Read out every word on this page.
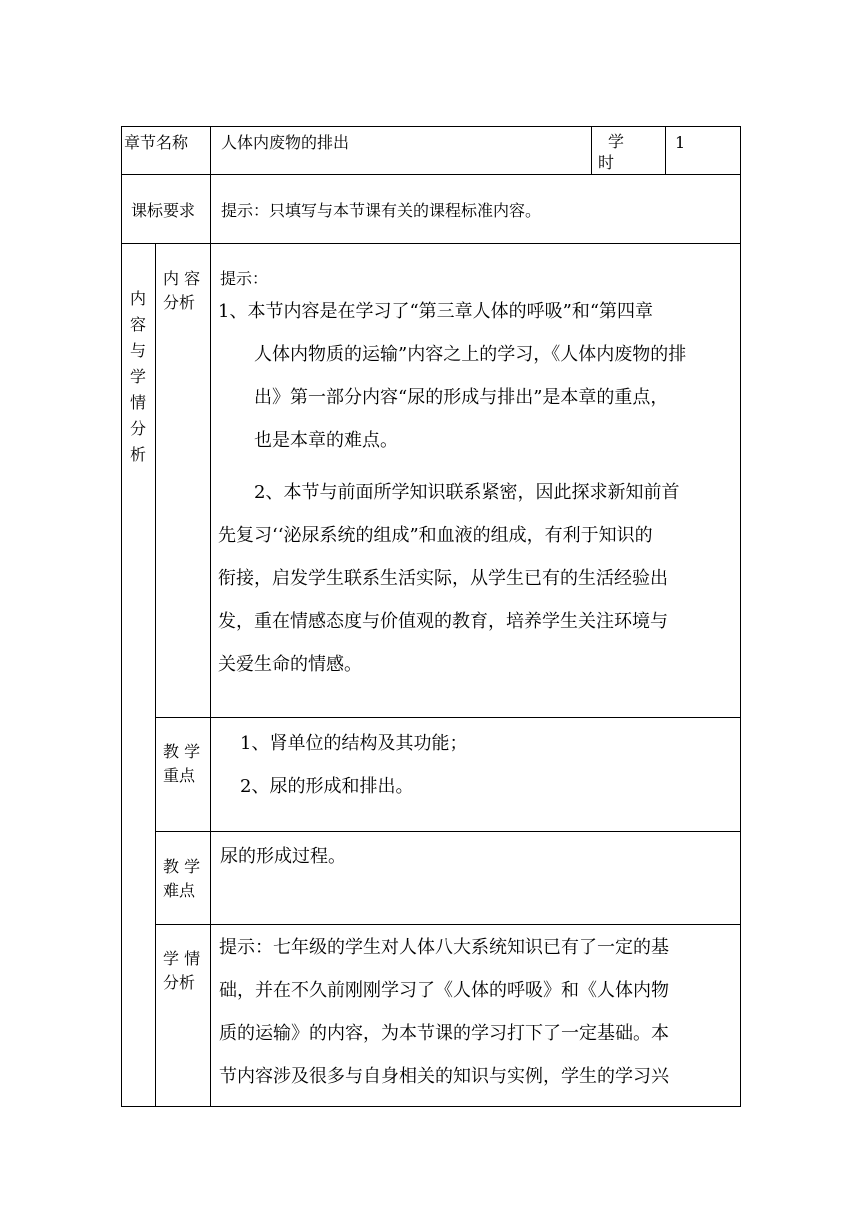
章节名称 人体内废物的排出	学
时
1
课标要求 提示：只填写与本节课有关的课程标准内容。
内
容
与
学
情
分
析
内 容
分析
提示：
1、本节内容是在学习了“第三章人体的呼吸”和“第四章
人体内物质的运输”内容之上的学习，《人体内废物的排
出》第一部分内容“尿的形成与排出”是本章的重点，
也是本章的难点。
2、本节与前面所学知识联系紧密，因此探求新知前首
先复习‘‘泌尿系统的组成”和血液的组成，有利于知识的
衔接，启发学生联系生活实际，从学生已有的生活经验出
发，重在情感态度与价值观的教育，培养学生关注环境与
关爱生命的情感。
教 学
重点
1、肾单位的结构及其功能；
2、尿的形成和排出。
教 学
难点
尿的形成过程。
学 情
分析
提示：七年级的学生对人体八大系统知识已有了一定的基
础，并在不久前刚刚学习了《人体的呼吸》和《人体内物
质的运输》的内容，为本节课的学习打下了一定基础。本
节内容涉及很多与自身相关的知识与实例，学生的学习兴
